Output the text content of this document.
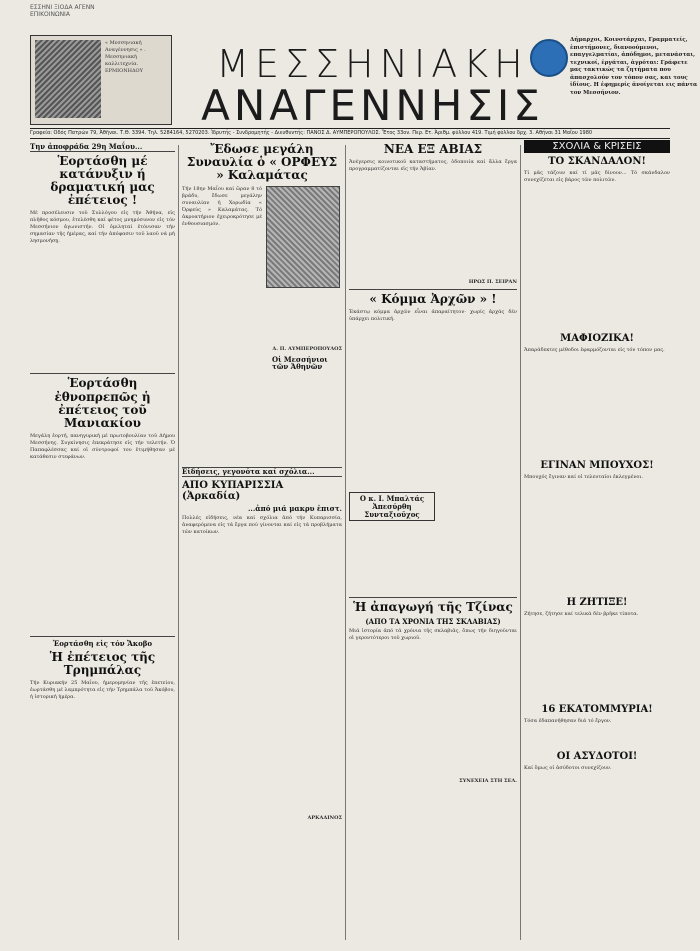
« Μεσσηνιακή Αναγέννησις » . Μεσσηνιακή καλλιτεχνία. ΕΡΜΙΟΝΗΔΟΥ	ΜΕΣΣΗΝΙΑΚΗ
ΑΝΑΓΕΝΝΗΣΙΣ
Δήμαρχοι, Κοινοτάρχαι, Γραμματείς, ἐπιστήμονες, διανοούμενοι, επαγγελματίαι, ἀπόδημοι, μετανάσται, τεχνικοί, ἐργάται, ἀγρόται: Γράφετε μας τακτικώς τα ζητήματα που ἀπασχολούν τον τόπον σας, και τους ἰδίους. Η ἐφημερίς ἀνοίγεται εις πάντα τον Μεσσήνιον.
ΕΣΣΗΝΙ ΞΙΟΔΑ ΑΓΕΝΝ ΕΠΙΚΟΙΝΩΝΙΑ
Γραφεία: Οδός Πατρών 79, Ἀθῆναι. Τ.Θ. 3394. Τηλ. 5284164, 5270203. Ἰδρυτής - Συνδρομητής - Διευθυντής: ΠΑΝΟΣ Δ. ΑΥΜΠΕΡΟΠΟΥΛΟΣ. Ἔτος 33ον. Περ. Ετ. Ἀριθμ. φύλλου 419. Τιμή φύλλου δρχ. 3. Αθήναι 31 Μαΐου 1980
Την ἀποφράδα 29η Μαΐου...
Ἑορτάσθη μέ κατάνυξιν ή δραματική μας ἐπέτειος !
Μέ προσέλευσιν τοῦ Συλλόγου εἰς τήν Ἀθήνα, εἰς πλῆθος κόσμου, ἐτελέσθη καί φέτος μνημόσυνον εἰς τόν Μεσσήνιον ἀγωνιστήν. Οἱ ὁμιληταί ἐτόνισαν τήν σημασίαν τῆς ἡμέρας, καί τήν ἀπόφασιν τοῦ λαοῦ νά μή λησμονήσῃ.
Ἑορτάσθη ἐθνοπρεπῶς ἡ ἐπέτειος τοῦ Μανιακίου
Μεγάλη ἐορτή, πανηγυρική μέ πρωτοβουλίαν τοῦ Δήμου Μεσσήνης. Συγκίνησις ἐπεκράτησε εἰς τήν τελετήν. Ὁ Παπαφλέσσας καί οἱ σύντροφοί του ἐτιμήθησαν μέ κατάθεσιν στεφάνων.
Ἑορτάσθη εἰς τόν Ἄκοβο
Ἡ ἐπέτειος τῆς Τρημπάλας
Τήν Κυριακήν 25 Μαΐου, ἡμερομηνίαν τῆς ἐπετείου, ἑωρτάσθη μέ λαμπρότητα εἰς τήν Τρημπάλα τοῦ Ἀκόβου, ἡ ἱστορική ἡμέρα.
Ἔδωσε μεγάλη Συναυλία ὁ « ΟΡΦΕΥΣ » Καλαμάτας
Τήν 18ην Μαΐου καί ὥραν 8 τό βράδυ, ἔδωσε μεγάλην συναυλίαν ἡ Χορωδία « Ὀρφεύς » Καλαμάτας. Τό ἀκροατήριον ἐχειροκρότησε μέ ἐνθουσιασμόν.
Δ. Π. ΑΥΜΠΕΡΟΠΟΥΛΟΣ
Οἱ Μεσσήνιοι τῶν Ἀθηνῶν
Εἰδήσεις, γεγονότα καί σχόλια...
ΑΠΟ ΚΥΠΑΡΙΣΣΙΑ (Ἀρκαδία)
...ἀπό μιά μακρυ ἐπιστ.
Πολλές εἰδήσεις, νέα καί σχόλια ἀπό τήν Κυπαρισσία, ἀναφερόμενα εἰς τά ἔργα πού γίνονται καί εἰς τά προβλήματα τῶν κατοίκων.
ΑΡΚΑΔΙΝΟΣ
ΝΕΑ ΕΞ ΑΒΙΑΣ
Ἀνέγερσις κοινοτικοῦ καταστήματος, ὁδοποιία καί ἄλλα ἔργα προγραμματίζονται εἰς τήν Ἀβίαν.
ΗΡΩΣ Π. ΣΕΙΡΑΝ
« Κόμμα Ἀρχῶν » !
Ἑκάστῳ κόμμα ἀρχῶν εἶναι ἀπαραίτητον· χωρίς ἀρχάς δέν ὑπάρχει πολιτική.
Ο κ. Ι. Μπαλτάς Ἀπεσύρθη Συνταξιοῦχος
Ἡ ἀπαγωγή τῆς Τζίνας
(ΑΠΟ ΤΑ ΧΡΟΝΙΑ ΤΗΣ ΣΚΛΑΒΙΑΣ)
Μιά ἱστορία ἀπό τά χρόνια τῆς σκλαβιᾶς, ὅπως τήν διηγοῦνται οἱ γεροντότεροι τοῦ χωριοῦ.
ΣΥΝΕΧΕΙΑ ΣΤΗ ΣΕΛ.
ΣΧΟΛΙΑ & ΚΡΙΣΕΙΣ
ΤΟ ΣΚΑΝΔΑΛΟΝ!
Τί μᾶς τάζουν καί τί μᾶς δίνουν... Τό σκάνδαλον συνεχίζεται εἰς βάρος τῶν πολιτῶν.
ΜΑΦΙΟΖΙΚΑ!
Ἀπαράδεκτες μέθοδοι ἐφαρμόζονται εἰς τόν τόπον μας.
ΕΓΙΝΑΝ ΜΠΟΥΧΟΣ!
Μπουχός ἔγιναν καί οἱ τελευταῖοι ἐκλεγμένοι.
Η ΖΗΤΙΞΕ!
Ζήτησε, ζήτησε καί τελικά δέν βρῆκε τίποτα.
16 ΕΚΑΤΟΜΜΥΡΙΑ!
Τόσα ἐδαπανήθησαν διά τό ἔργον.
ΟΙ ΑΣΥΔΟΤΟΙ!
Καί ὅμως οἱ ἀσύδοτοι συνεχίζουν.
